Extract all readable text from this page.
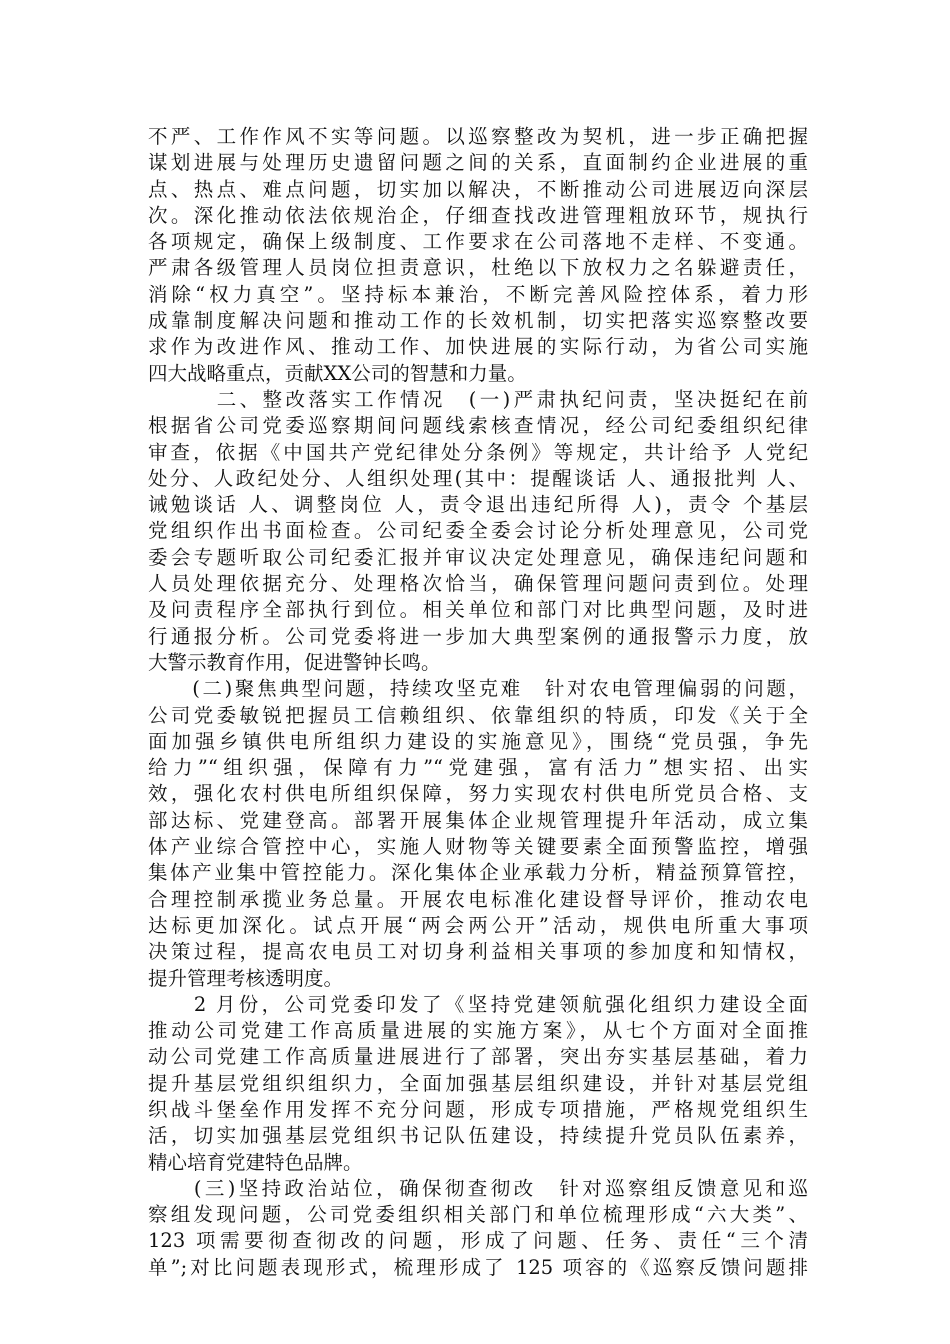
不严、工作作风不实等问题。以巡察整改为契机，进一步正确把握
谋划进展与处理历史遗留问题之间的关系，直面制约企业进展的重
点、热点、难点问题，切实加以解决，不断推动公司进展迈向深层
次。深化推动依法依规治企，仔细查找改进管理粗放环节，规执行
各项规定，确保上级制度、工作要求在公司落地不走样、不变通。
严肃各级管理人员岗位担责意识，杜绝以下放权力之名躲避责任，
消除“权力真空”。坚持标本兼治，不断完善风险控体系，着力形
成靠制度解决问题和推动工作的长效机制，切实把落实巡察整改要
求作为改进作风、推动工作、加快进展的实际行动，为省公司实施
四大战略重点，贡献XX公司的智慧和力量。
　　　二、整改落实工作情况　(一)严肃执纪问责，坚决挺纪在前
根据省公司党委巡察期间问题线索核查情况，经公司纪委组织纪律
审查，依据《中国共产党纪律处分条例》等规定，共计给予 人党纪
处分、人政纪处分、人组织处理(其中：提醒谈话 人、通报批判 人、
诫勉谈话 人、调整岗位 人，责令退出违纪所得 人)，责令 个基层
党组织作出书面检查。公司纪委全委会讨论分析处理意见，公司党
委会专题听取公司纪委汇报并审议决定处理意见，确保违纪问题和
人员处理依据充分、处理格次恰当，确保管理问题问责到位。处理
及问责程序全部执行到位。相关单位和部门对比典型问题，及时进
行通报分析。公司党委将进一步加大典型案例的通报警示力度，放
大警示教育作用，促进警钟长鸣。
　　(二)聚焦典型问题，持续攻坚克难　针对农电管理偏弱的问题，
公司党委敏锐把握员工信赖组织、依靠组织的特质，印发《关于全
面加强乡镇供电所组织力建设的实施意见》，围绕“党员强，争先
给力”“组织强，保障有力”“党建强，富有活力”想实招、出实
效，强化农村供电所组织保障，努力实现农村供电所党员合格、支
部达标、党建登高。部署开展集体企业规管理提升年活动，成立集
体产业综合管控中心，实施人财物等关键要素全面预警监控，增强
集体产业集中管控能力。深化集体企业承载力分析，精益预算管控，
合理控制承揽业务总量。开展农电标准化建设督导评价，推动农电
达标更加深化。试点开展“两会两公开”活动，规供电所重大事项
决策过程，提高农电员工对切身利益相关事项的参加度和知情权，
提升管理考核透明度。
　　2 月份，公司党委印发了《坚持党建领航强化组织力建设全面
推动公司党建工作高质量进展的实施方案》，从七个方面对全面推
动公司党建工作高质量进展进行了部署，突出夯实基层基础，着力
提升基层党组织组织力，全面加强基层组织建设，并针对基层党组
织战斗堡垒作用发挥不充分问题，形成专项措施，严格规党组织生
活，切实加强基层党组织书记队伍建设，持续提升党员队伍素养，
精心培育党建特色品牌。
　　(三)坚持政治站位，确保彻查彻改　针对巡察组反馈意见和巡
察组发现问题，公司党委组织相关部门和单位梳理形成“六大类”、
123 项需要彻查彻改的问题，形成了问题、任务、责任“三个清
单”;对比问题表现形式，梳理形成了 125 项容的《巡察反馈问题排
